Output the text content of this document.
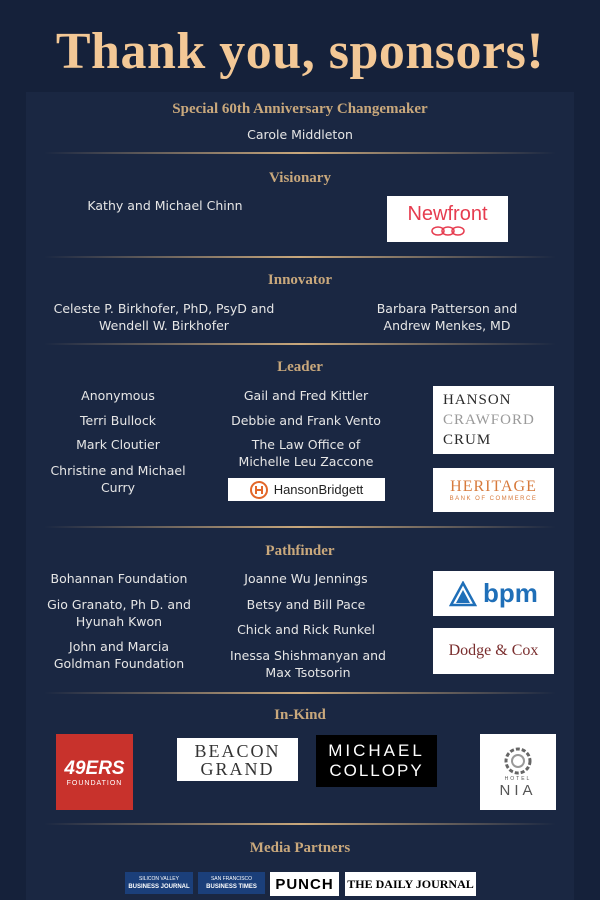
Thank you, sponsors!
Special 60th Anniversary Changemaker
Carole Middleton
Visionary
Kathy and Michael Chinn	Newfront
Innovator
Celeste P. Birkhofer, PhD, PsyD and Wendell W. Birkhofer
Barbara Patterson and Andrew Menkes, MD
Leader
Anonymous
Terri Bullock
Mark Cloutier
Christine and Michael Curry
Gail and Fred Kittler
Debbie and Frank Vento
The Law Office of Michelle Leu Zaccone
HansonBridgett
HANSON
CRAWFORD
CRUM
HERITAGE
BANK OF COMMERCE
Pathfinder
Bohannan Foundation
Gio Granato, Ph D. and Hyunah Kwon
John and Marcia Goldman Foundation
Joanne Wu Jennings
Betsy and Bill Pace
Chick and Rick Runkel
Inessa Shishmanyan and Max Tsotsorin
bpm
Dodge & Cox
In-Kind
49ERS
FOUNDATION
BEACON
GRAND
MICHAEL
COLLOPY	HOTEL
NIA
Media Partners
SILICON VALLEY
BUSINESS JOURNAL
SAN FRANCISCO
BUSINESS TIMES PUNCH THE DAILY JOURNAL
